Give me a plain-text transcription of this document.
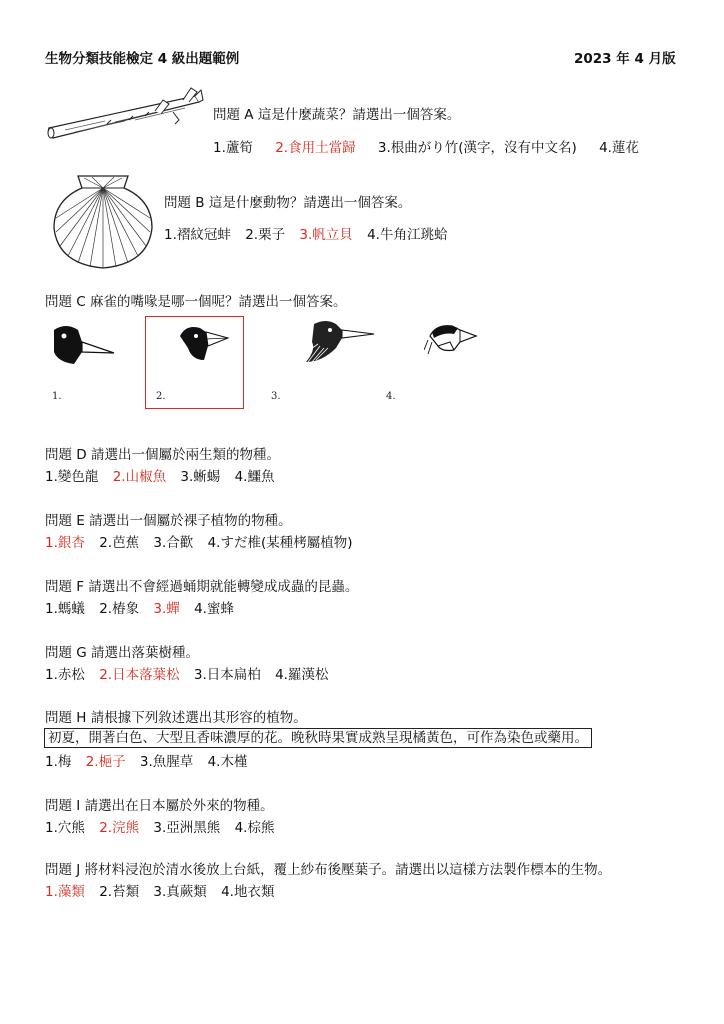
生物分類技能檢定 4 級出題範例	2023 年 4 月版
問題 A 這是什麼蔬菜？請選出一個答案。
1.蘆筍 2.食用土當歸 3.根曲がり竹(漢字，沒有中文名) 4.蓮花
問題 B 這是什麼動物？請選出一個答案。
1.褶紋冠蚌 2.栗子 3.帆立貝 4.牛角江珧蛤
問題 C 麻雀的嘴喙是哪一個呢？請選出一個答案。
1.	2.	3.	4.
問題 D 請選出一個屬於兩生類的物種。
1.變色龍 2.山椒魚 3.蜥蜴 4.鱷魚
問題 E 請選出一個屬於裸子植物的物種。
1.銀杏 2.芭蕉 3.合歡 4.すだ椎(某種栲屬植物)
問題 F 請選出不會經過蛹期就能轉變成成蟲的昆蟲。
1.螞蟻 2.椿象 3.蟬 4.蜜蜂
問題 G 請選出落葉樹種。
1.赤松 2.日本落葉松 3.日本扁柏 4.羅漢松
問題 H 請根據下列敘述選出其形容的植物。
初夏，開著白色、大型且香味濃厚的花。晚秋時果實成熟呈現橘黃色，可作為染色或藥用。
1.梅 2.梔子 3.魚腥草 4.木槿
問題 I 請選出在日本屬於外來的物種。
1.穴熊 2.浣熊 3.亞洲黑熊 4.棕熊
問題 J 將材料浸泡於清水後放上台紙，覆上紗布後壓葉子。請選出以這樣方法製作標本的生物。
1.藻類 2.苔類 3.真蕨類 4.地衣類
